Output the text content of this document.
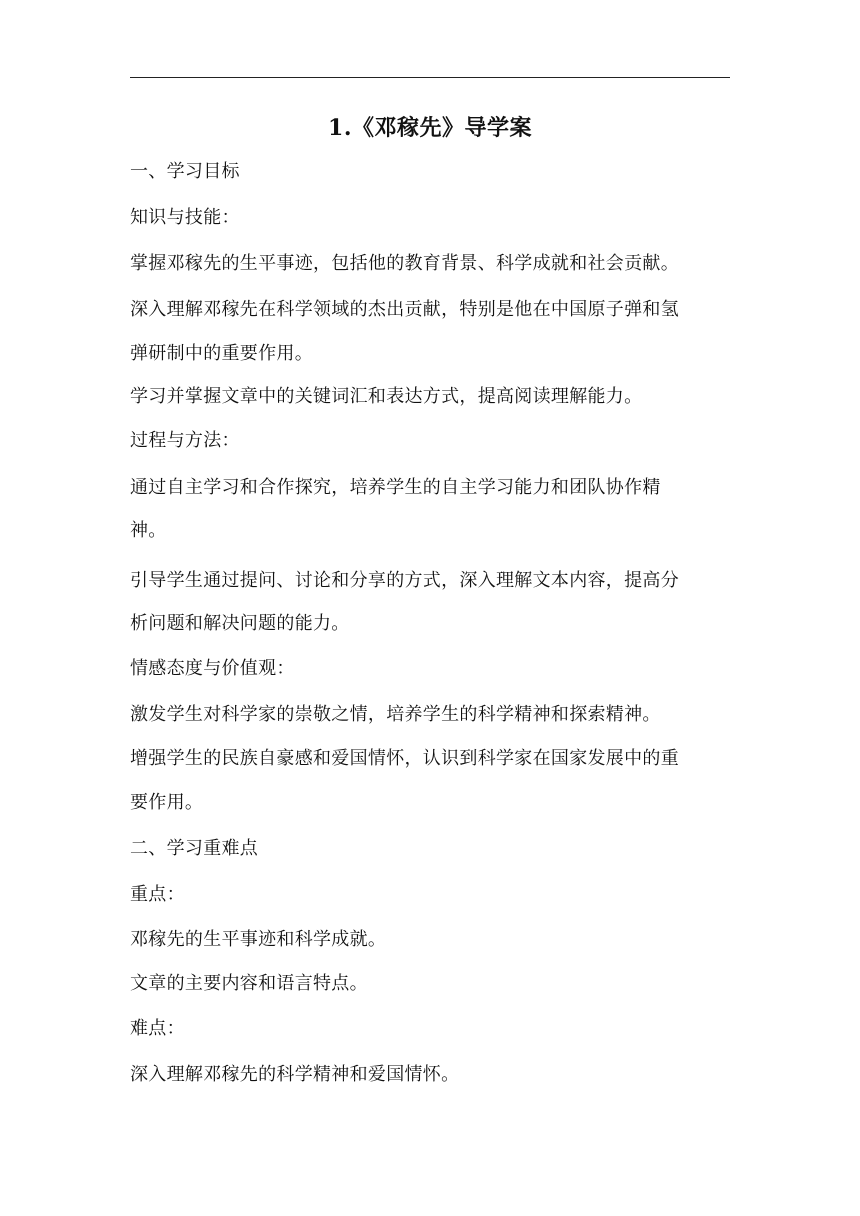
1.《邓稼先》导学案
一、学习目标
知识与技能：
掌握邓稼先的生平事迹，包括他的教育背景、科学成就和社会贡献。
深入理解邓稼先在科学领域的杰出贡献，特别是他在中国原子弹和氢
弹研制中的重要作用。
学习并掌握文章中的关键词汇和表达方式，提高阅读理解能力。
过程与方法：
通过自主学习和合作探究，培养学生的自主学习能力和团队协作精
神。
引导学生通过提问、讨论和分享的方式，深入理解文本内容，提高分
析问题和解决问题的能力。
情感态度与价值观：
激发学生对科学家的崇敬之情，培养学生的科学精神和探索精神。
增强学生的民族自豪感和爱国情怀，认识到科学家在国家发展中的重
要作用。
二、学习重难点
重点：
邓稼先的生平事迹和科学成就。
文章的主要内容和语言特点。
难点：
深入理解邓稼先的科学精神和爱国情怀。
